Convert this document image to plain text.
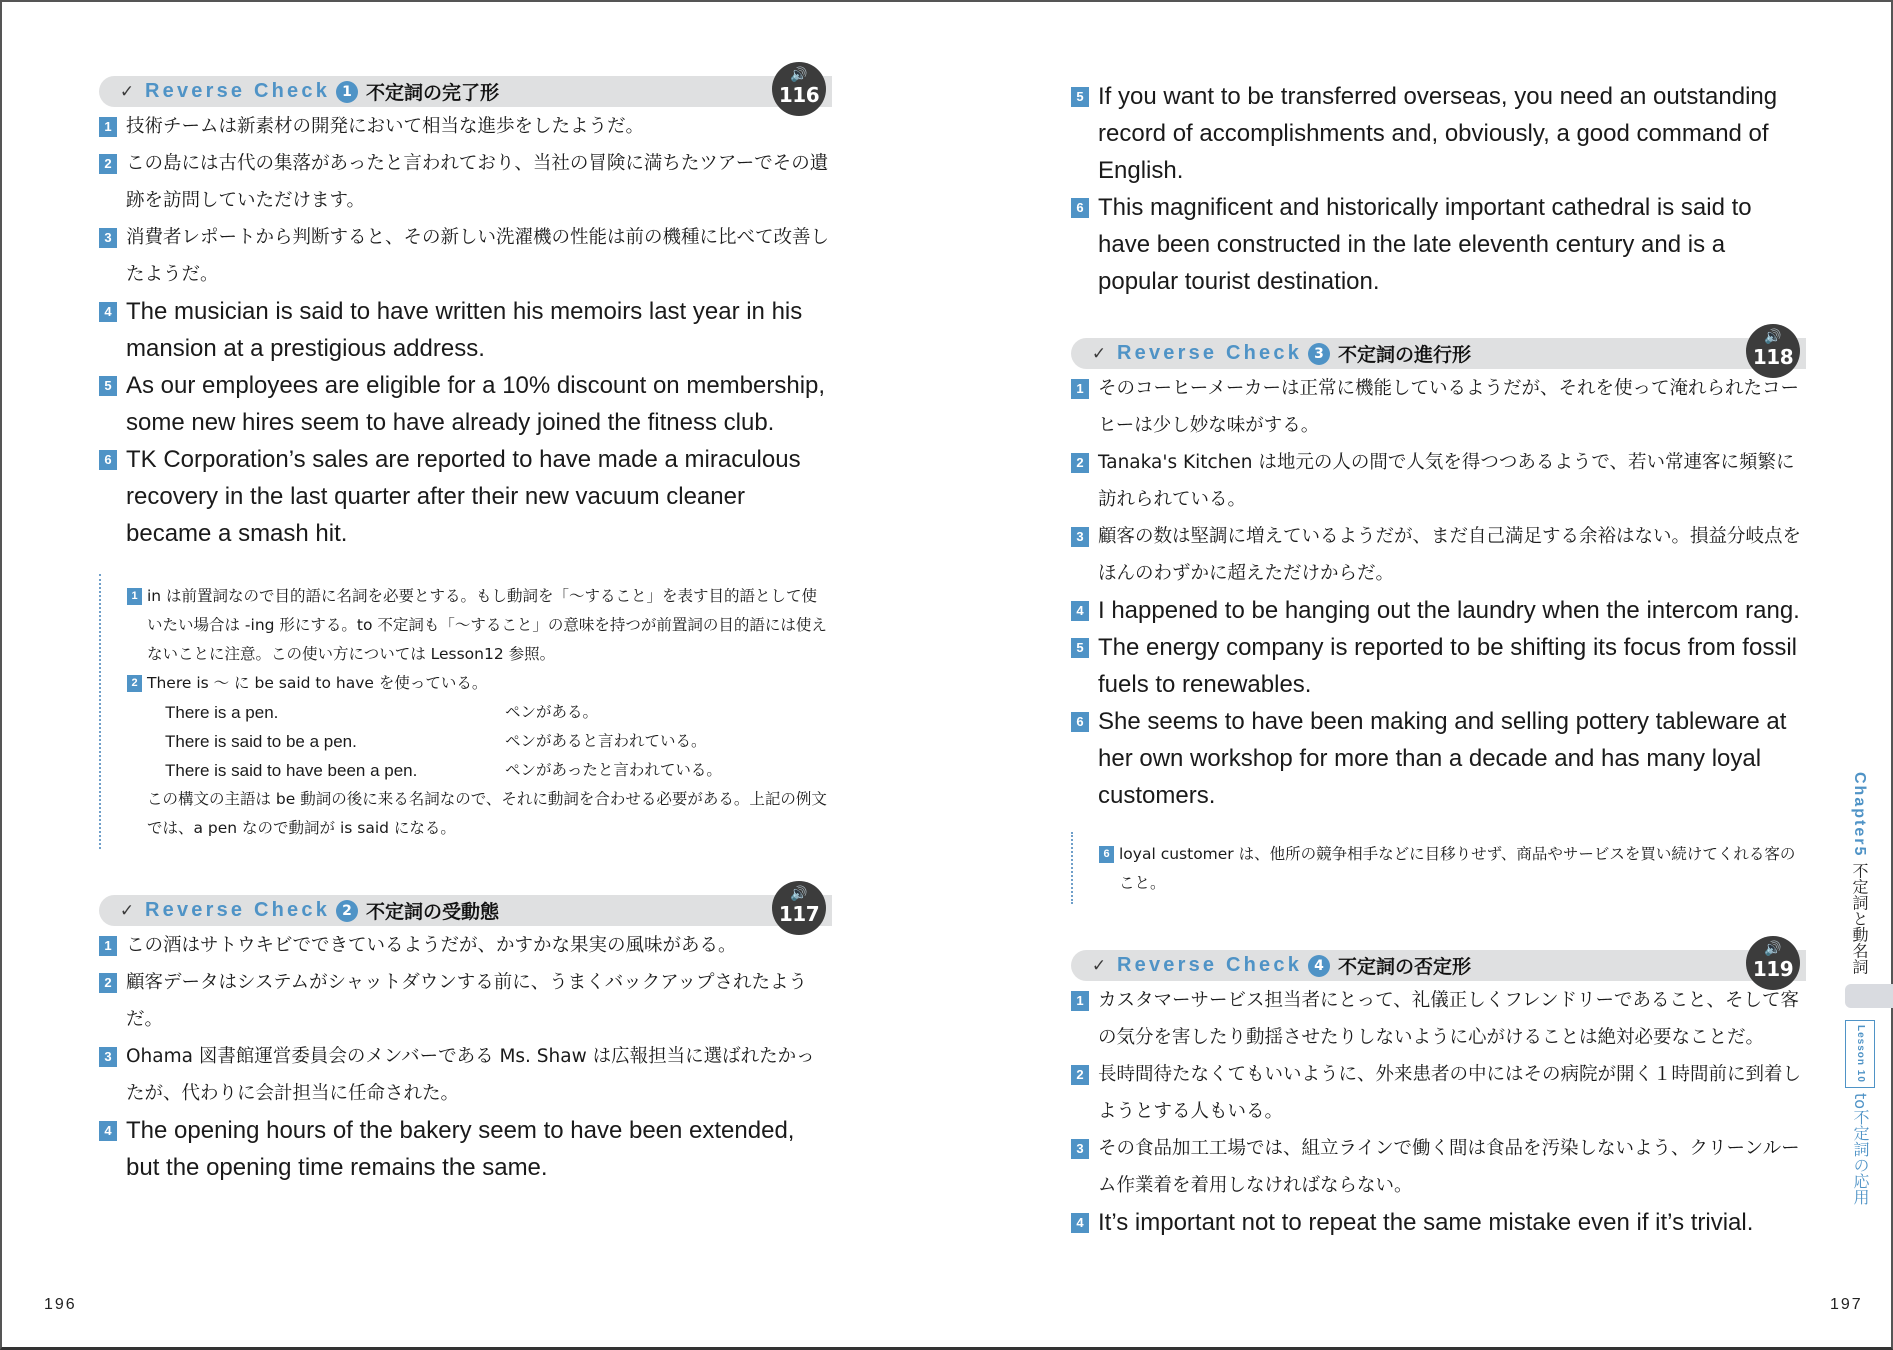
✓ Reverse Check 1 不定詞の完了形
🔊
116
1 技術チームは新素材の開発において相当な進歩をしたようだ。
2 この島には古代の集落があったと言われており、当社の冒険に満ちたツアーでその遺跡を訪問していただけます。
3 消費者レポートから判断すると、その新しい洗濯機の性能は前の機種に比べて改善したようだ。
4 The musician is said to have written his memoirs last year in his mansion at a prestigious address.
5 As our employees are eligible for a 10% discount on membership, some new hires seem to have already joined the fitness club.
6 TK Corporation’s sales are reported to have made a miraculous recovery in the last quarter after their new vacuum cleaner became a smash hit.
1 in は前置詞なので目的語に名詞を必要とする。もし動詞を「～すること」を表す目的語として使いたい場合は -ing 形にする。to 不定詞も「～すること」の意味を持つが前置詞の目的語には使えないことに注意。この使い方については Lesson12 参照。
2 There is ～ に be said to have を使っている。
There is a pen.	ペンがある。
There is said to be a pen.	ペンがあると言われている。
There is said to have been a pen.	ペンがあったと言われている。
この構文の主語は be 動詞の後に来る名詞なので、それに動詞を合わせる必要がある。上記の例文では、a pen なので動詞が is said になる。
✓ Reverse Check 2 不定詞の受動態
🔊
117
1 この酒はサトウキビでできているようだが、かすかな果実の風味がある。
2 顧客データはシステムがシャットダウンする前に、うまくバックアップされたようだ。
3 Ohama 図書館運営委員会のメンバーである Ms. Shaw は広報担当に選ばれたかったが、代わりに会計担当に任命された。
4 The opening hours of the bakery seem to have been extended, but the opening time remains the same.
5 If you want to be transferred overseas, you need an outstanding record of accomplishments and, obviously, a good command of English.
6 This magnificent and historically important cathedral is said to have been constructed in the late eleventh century and is a popular tourist destination.
✓ Reverse Check 3 不定詞の進行形
🔊
118
1 そのコーヒーメーカーは正常に機能しているようだが、それを使って淹れられたコーヒーは少し妙な味がする。
2 Tanaka's Kitchen は地元の人の間で人気を得つつあるようで、若い常連客に頻繁に訪れられている。
3 顧客の数は堅調に増えているようだが、まだ自己満足する余裕はない。損益分岐点をほんのわずかに超えただけからだ。
4 I happened to be hanging out the laundry when the intercom rang.
5 The energy company is reported to be shifting its focus from fossil fuels to renewables.
6 She seems to have been making and selling pottery tableware at her own workshop for more than a decade and has many loyal customers.
6 loyal customer は、他所の競争相手などに目移りせず、商品やサービスを買い続けてくれる客のこと。
✓ Reverse Check 4 不定詞の否定形
🔊
119
1 カスタマーサービス担当者にとって、礼儀正しくフレンドリーであること、そして客の気分を害したり動揺させたりしないように心がけることは絶対必要なことだ。
2 長時間待たなくてもいいように、外来患者の中にはその病院が開く１時間前に到着しようとする人もいる。
3 その食品加工工場では、組立ラインで働く間は食品を汚染しないよう、クリーンルーム作業着を着用しなければならない。
4 It’s important not to repeat the same mistake even if it’s trivial.
Chapter5 不定詞と動名詞
Lesson 10 to不定詞の応用
196	197
